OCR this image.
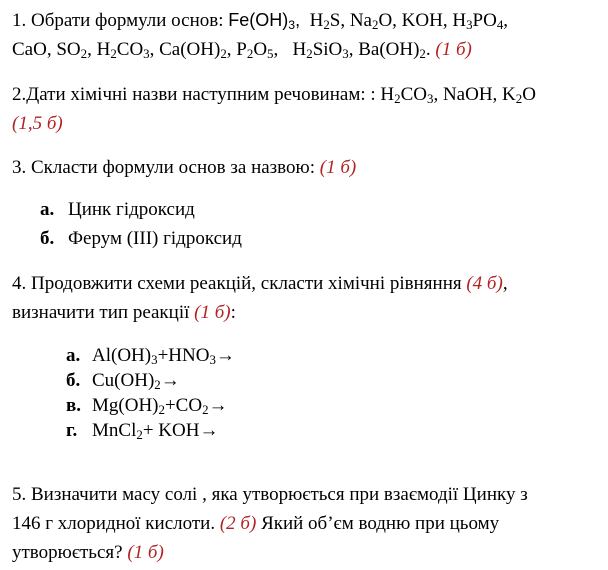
1. Обрати формули основ: $Fe(OH)_3$,  $H_2S$, $Na_2O$, KOH, $H_3PO_4$,
CaO, $SO_2$, $H_2CO_3$, $Ca(OH)_2$, $P_2O_5$,   $H_2SiO_3$, $Ba(OH)_2$. (1 б)
2.Дати хімічні назви наступним речовинам: : $H_2CO_3$, NaOH, $K_2O$
(1,5 б)
3. Скласти формули основ за назвою: (1 б)
а. Цинк гідроксид
б. Ферум (ІІІ) гідроксид
4. Продовжити схеми реакцій, скласти хімічні рівняння (4 б),
визначити тип реакції (1 б):
а. $Al(OH)_3+HNO_3\to$
б. $Cu(OH)_2\to$
в. $Mg(OH)_2+CO_2\to$
г. MnCl$_2$+ KOH→
5. Визначити масу солі , яка утворюється при взаємодії Цинку з
146 г хлоридної кислоти. (2 б) Який об’єм водню при цьому
утворюється? (1 б)
